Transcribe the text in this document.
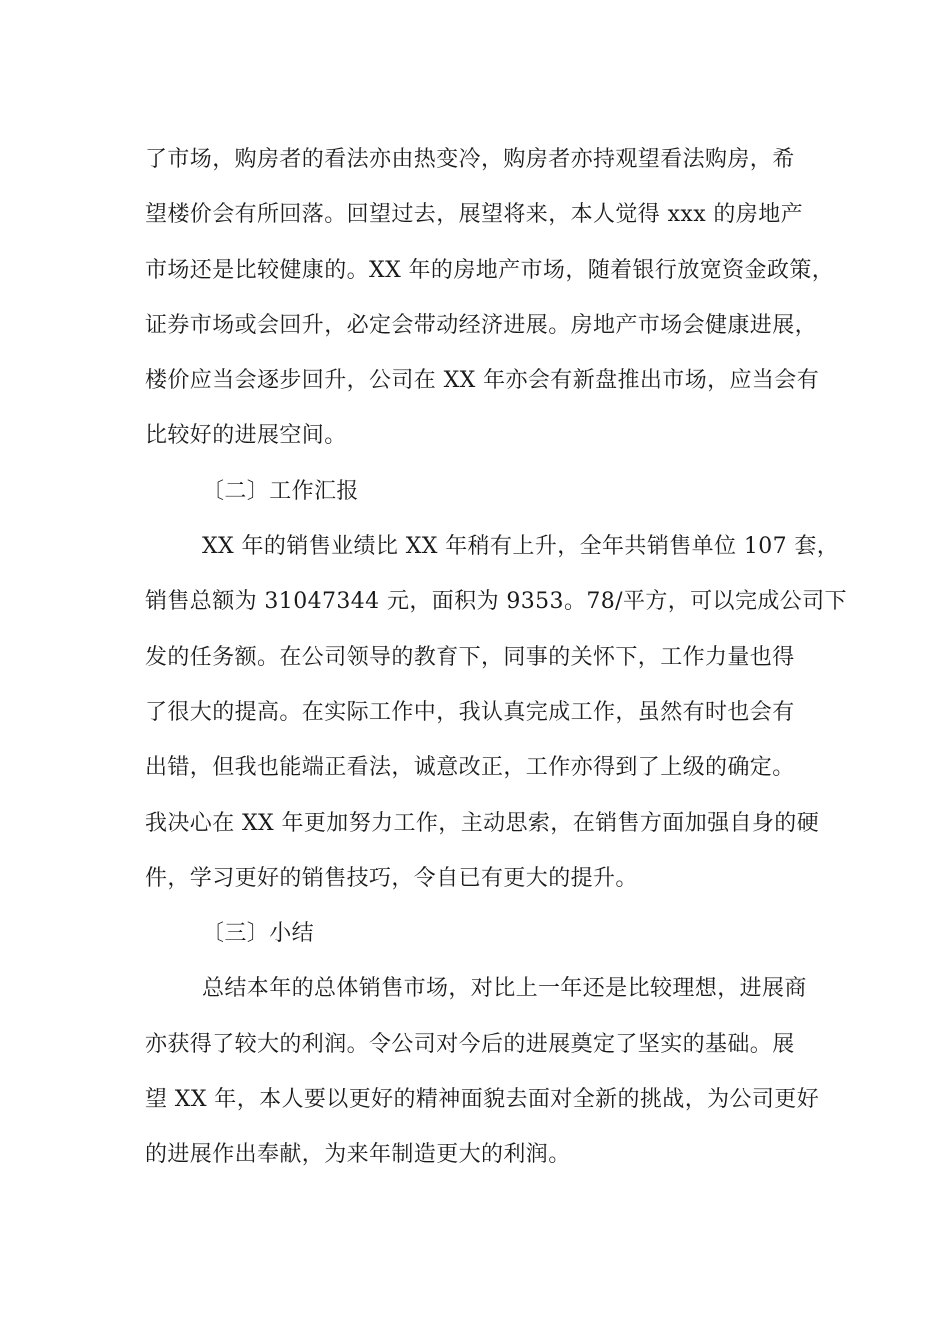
了市场，购房者的看法亦由热变冷，购房者亦持观望看法购房，希
望楼价会有所回落。回望过去，展望将来，本人觉得 xxx 的房地产
市场还是比较健康的。XX 年的房地产市场，随着银行放宽资金政策，
证券市场或会回升，必定会带动经济进展。房地产市场会健康进展，
楼价应当会逐步回升，公司在 XX 年亦会有新盘推出市场，应当会有
比较好的进展空间。
〔二〕工作汇报
XX 年的销售业绩比 XX 年稍有上升，全年共销售单位 107 套，
销售总额为 31047344 元，面积为 9353。78/平方，可以完成公司下
发的任务额。在公司领导的教育下，同事的关怀下，工作力量也得
了很大的提高。在实际工作中，我认真完成工作，虽然有时也会有
出错，但我也能端正看法，诚意改正，工作亦得到了上级的确定。
我决心在 XX 年更加努力工作，主动思索，在销售方面加强自身的硬
件，学习更好的销售技巧，令自已有更大的提升。
〔三〕小结
总结本年的总体销售市场，对比上一年还是比较理想，进展商
亦获得了较大的利润。令公司对今后的进展奠定了坚实的基础。展
望 XX 年，本人要以更好的精神面貌去面对全新的挑战，为公司更好
的进展作出奉献，为来年制造更大的利润。
